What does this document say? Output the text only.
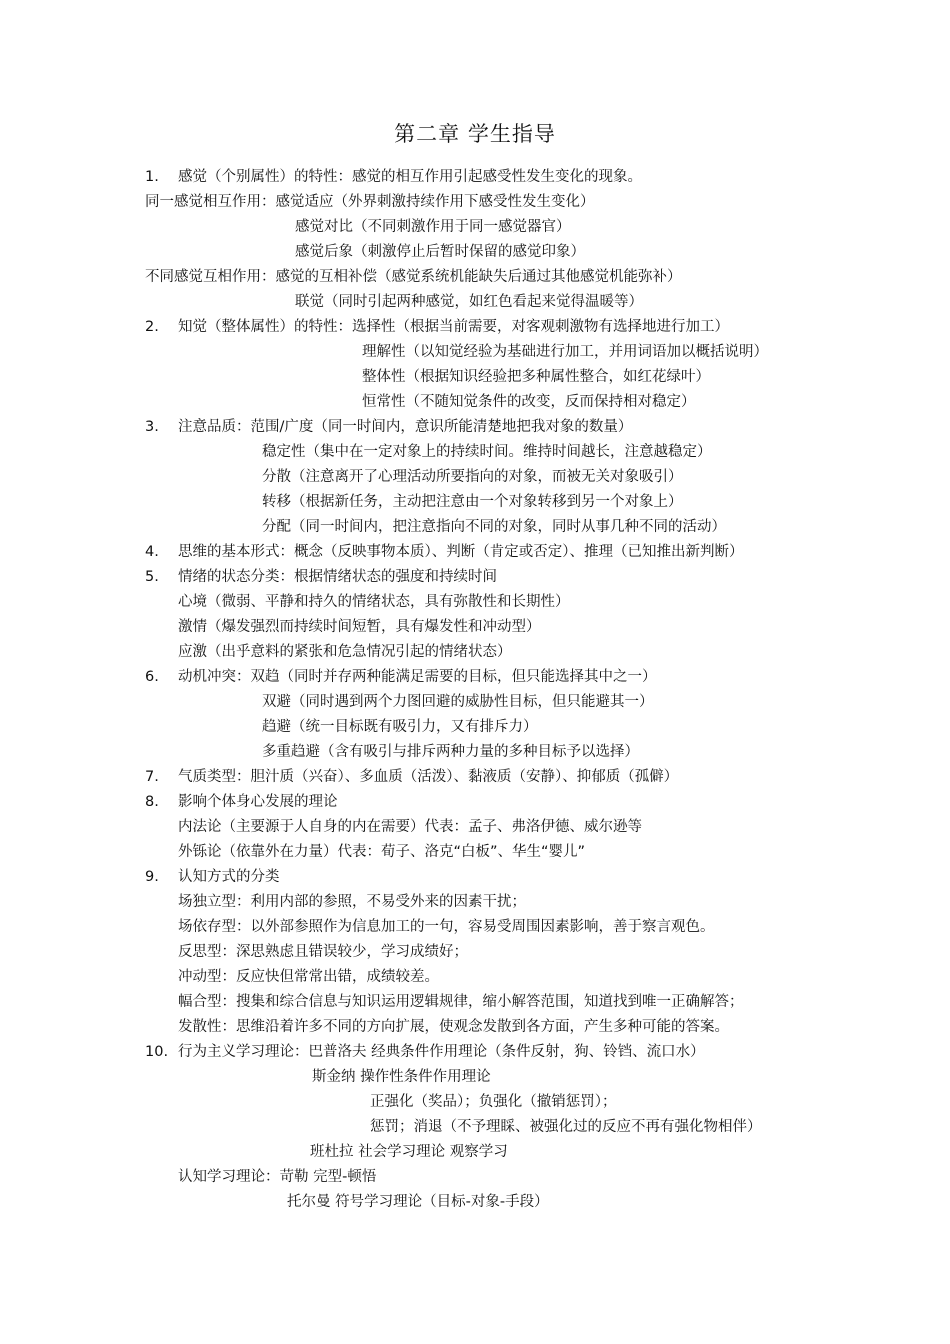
第二章 学生指导
1. 感觉（个别属性）的特性：感觉的相互作用引起感受性发生变化的现象。
同一感觉相互作用：感觉适应（外界刺激持续作用下感受性发生变化）
感觉对比（不同刺激作用于同一感觉器官）
感觉后象（刺激停止后暂时保留的感觉印象）
不同感觉互相作用：感觉的互相补偿（感觉系统机能缺失后通过其他感觉机能弥补）
联觉（同时引起两种感觉，如红色看起来觉得温暖等）
2. 知觉（整体属性）的特性：选择性（根据当前需要，对客观刺激物有选择地进行加工）
理解性（以知觉经验为基础进行加工，并用词语加以概括说明）
整体性（根据知识经验把多种属性整合，如红花绿叶）
恒常性（不随知觉条件的改变，反而保持相对稳定）
3. 注意品质：范围/广度（同一时间内，意识所能清楚地把我对象的数量）
稳定性（集中在一定对象上的持续时间。维持时间越长，注意越稳定）
分散（注意离开了心理活动所要指向的对象，而被无关对象吸引）
转移（根据新任务，主动把注意由一个对象转移到另一个对象上）
分配（同一时间内，把注意指向不同的对象，同时从事几种不同的活动）
4. 思维的基本形式：概念（反映事物本质）、判断（肯定或否定）、推理（已知推出新判断）
5. 情绪的状态分类：根据情绪状态的强度和持续时间
心境（微弱、平静和持久的情绪状态，具有弥散性和长期性）
激情（爆发强烈而持续时间短暂，具有爆发性和冲动型）
应激（出乎意料的紧张和危急情况引起的情绪状态）
6. 动机冲突：双趋（同时并存两种能满足需要的目标，但只能选择其中之一）
双避（同时遇到两个力图回避的威胁性目标，但只能避其一）
趋避（统一目标既有吸引力，又有排斥力）
多重趋避（含有吸引与排斥两种力量的多种目标予以选择）
7. 气质类型：胆汁质（兴奋）、多血质（活泼）、黏液质（安静）、抑郁质（孤僻）
8. 影响个体身心发展的理论
内法论（主要源于人自身的内在需要）代表：孟子、弗洛伊德、威尔逊等
外铄论（依靠外在力量）代表：荀子、洛克“白板”、华生“婴儿”
9. 认知方式的分类
场独立型：利用内部的参照，不易受外来的因素干扰；
场依存型：以外部参照作为信息加工的一句，容易受周围因素影响，善于察言观色。
反思型：深思熟虑且错误较少，学习成绩好；
冲动型：反应快但常常出错，成绩较差。
幅合型：搜集和综合信息与知识运用逻辑规律，缩小解答范围，知道找到唯一正确解答；
发散性：思维沿着许多不同的方向扩展，使观念发散到各方面，产生多种可能的答案。
10. 行为主义学习理论：巴普洛夫 经典条件作用理论（条件反射，狗、铃铛、流口水）
斯金纳 操作性条件作用理论
正强化（奖品）；负强化（撤销惩罚）；
惩罚；消退（不予理睬、被强化过的反应不再有强化物相伴）
班杜拉 社会学习理论 观察学习
认知学习理论：苛勒 完型-顿悟
托尔曼 符号学习理论（目标-对象-手段）
